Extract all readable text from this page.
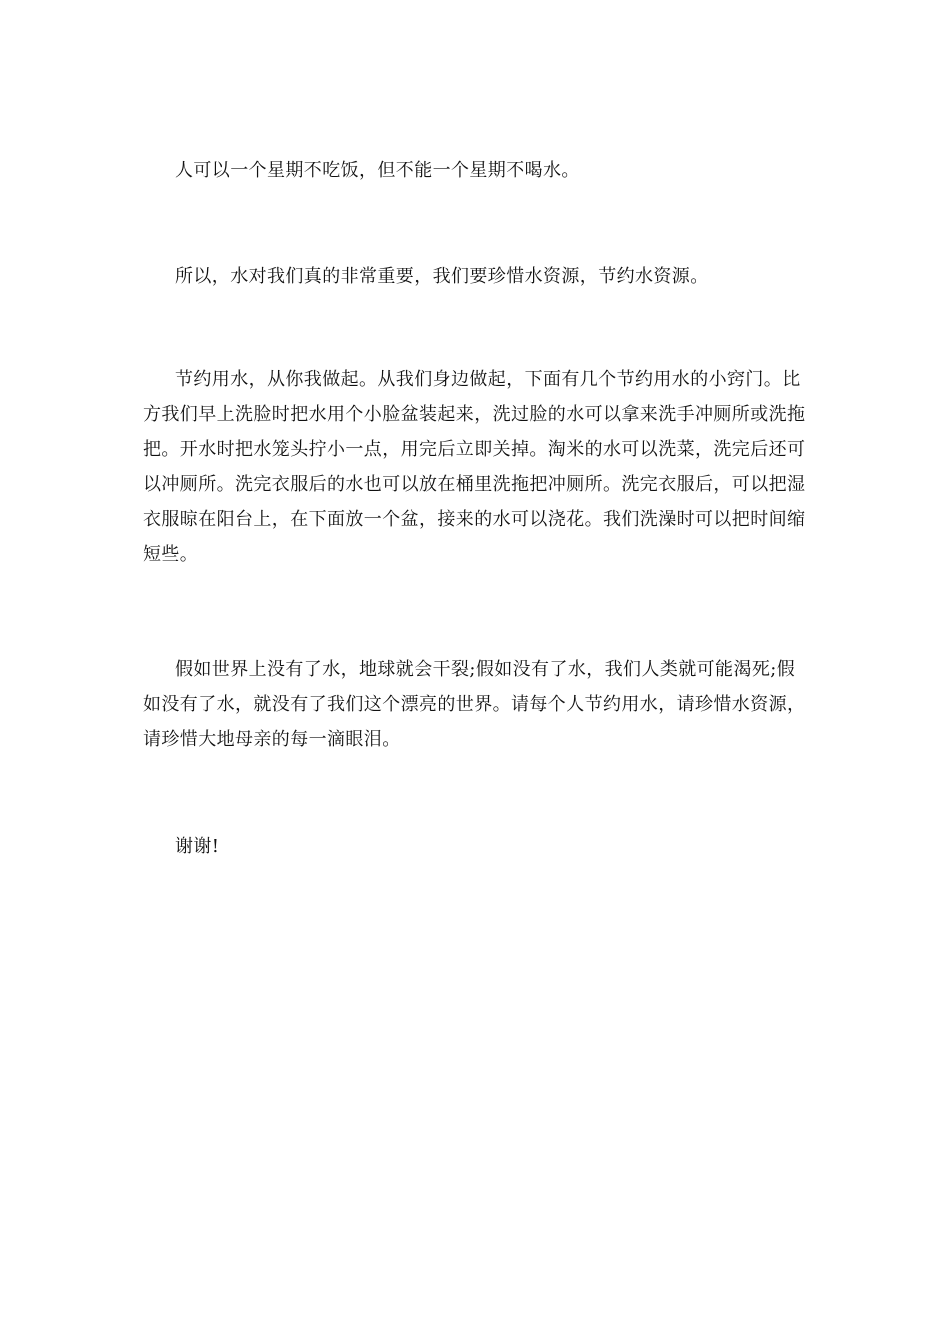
人可以一个星期不吃饭，但不能一个星期不喝水。

所以，水对我们真的非常重要，我们要珍惜水资源，节约水资源。

节约用水，从你我做起。从我们身边做起，下面有几个节约用水的小窍门。比方我们早上洗脸时把水用个小脸盆装起来，洗过脸的水可以拿来洗手冲厕所或洗拖把。开水时把水笼头拧小一点，用完后立即关掉。淘米的水可以洗菜，洗完后还可以冲厕所。洗完衣服后的水也可以放在桶里洗拖把冲厕所。洗完衣服后，可以把湿衣服晾在阳台上，在下面放一个盆，接来的水可以浇花。我们洗澡时可以把时间缩短些。

假如世界上没有了水，地球就会干裂;假如没有了水，我们人类就可能渴死;假如没有了水，就没有了我们这个漂亮的世界。请每个人节约用水，请珍惜水资源，请珍惜大地母亲的每一滴眼泪。

谢谢!
